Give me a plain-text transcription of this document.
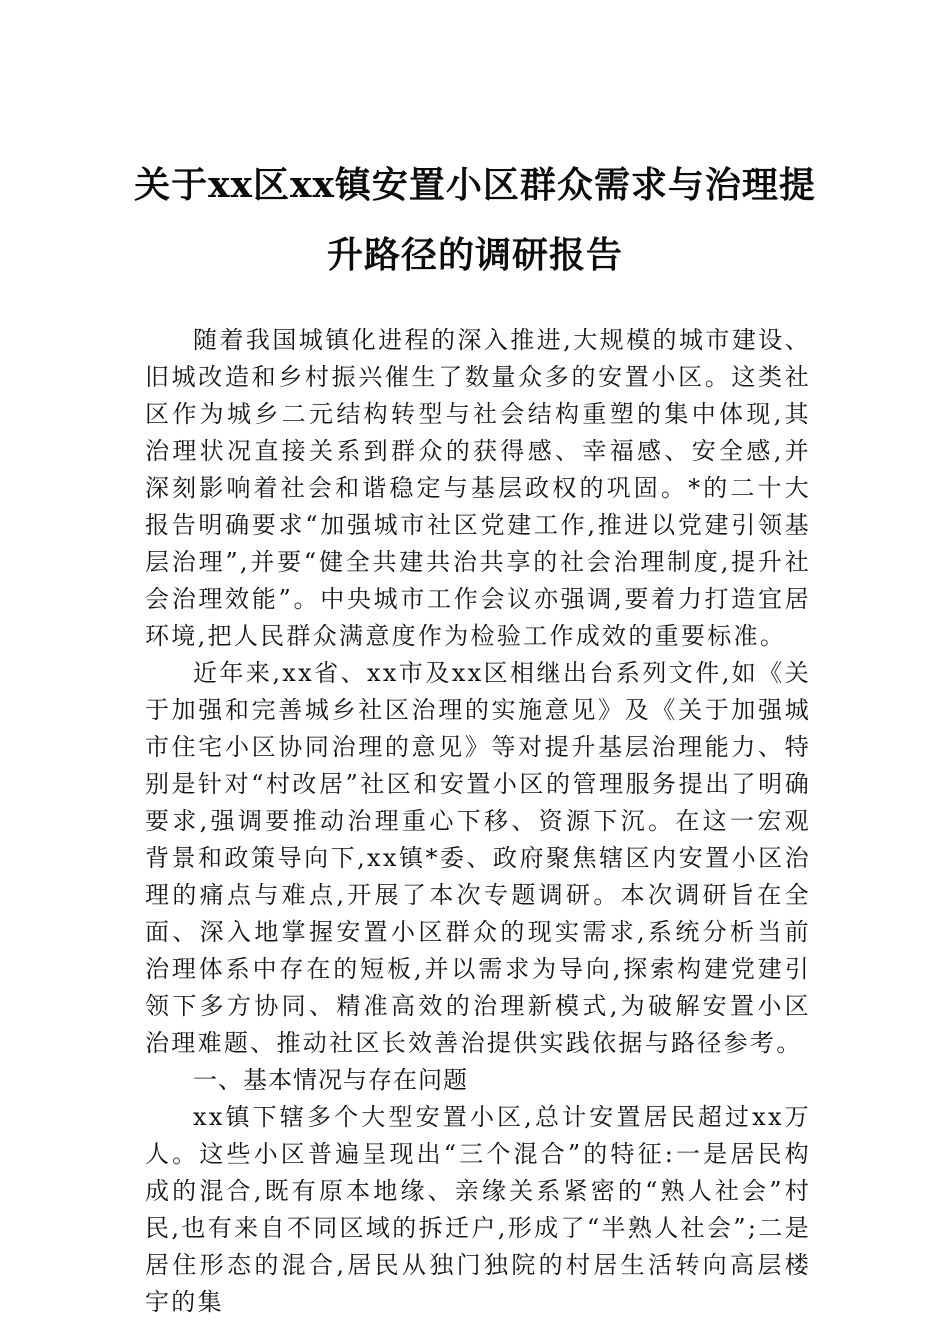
关于xx区xx镇安置小区群众需求与治理提
升路径的调研报告

随着我国城镇化进程的深入推进,大规模的城市建设、旧城改造和乡村振兴催生了数量众多的安置小区。这类社区作为城乡二元结构转型与社会结构重塑的集中体现,其治理状况直接关系到群众的获得感、幸福感、安全感,并深刻影响着社会和谐稳定与基层政权的巩固。*的二十大报告明确要求“加强城市社区党建工作,推进以党建引领基层治理”,并要“健全共建共治共享的社会治理制度,提升社会治理效能”。中央城市工作会议亦强调,要着力打造宜居环境,把人民群众满意度作为检验工作成效的重要标准。

近年来,xx省、xx市及xx区相继出台系列文件,如《关于加强和完善城乡社区治理的实施意见》及《关于加强城市住宅小区协同治理的意见》等对提升基层治理能力、特别是针对“村改居”社区和安置小区的管理服务提出了明确要求,强调要推动治理重心下移、资源下沉。在这一宏观背景和政策导向下,xx镇*委、政府聚焦辖区内安置小区治理的痛点与难点,开展了本次专题调研。本次调研旨在全面、深入地掌握安置小区群众的现实需求,系统分析当前治理体系中存在的短板,并以需求为导向,探索构建党建引领下多方协同、精准高效的治理新模式,为破解安置小区治理难题、推动社区长效善治提供实践依据与路径参考。

一、基本情况与存在问题

xx镇下辖多个大型安置小区,总计安置居民超过xx万人。这些小区普遍呈现出“三个混合”的特征:一是居民构成的混合,既有原本地缘、亲缘关系紧密的“熟人社会”村民,也有来自不同区域的拆迁户,形成了“半熟人社会”;二是居住形态的混合,居民从独门独院的村居生活转向高层楼宇的集
